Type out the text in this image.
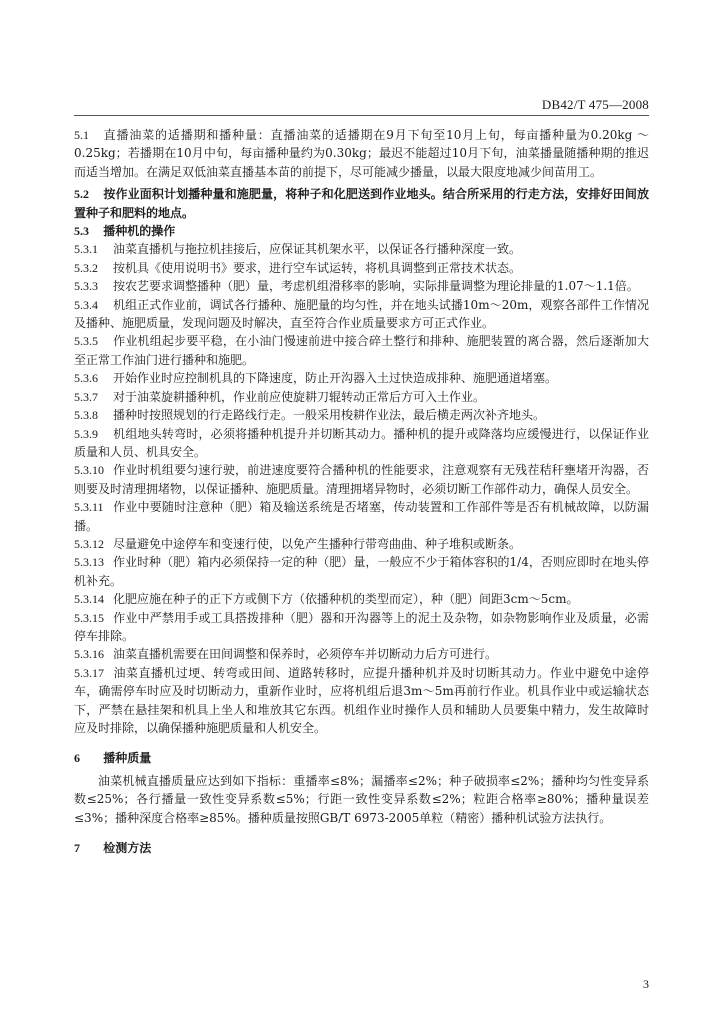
DB42/T 475—2008

5.1 直播油菜的适播期和播种量：直播油菜的适播期在9月下旬至10月上旬，每亩播种量为0.20kg ～0.25kg；若播期在10月中旬，每亩播种量约为0.30kg；最迟不能超过10月下旬，油菜播量随播种期的推迟而适当增加。在满足双低油菜直播基本苗的前提下，尽可能减少播量，以最大限度地减少间苗用工。

5.2 按作业面积计划播种量和施肥量，将种子和化肥送到作业地头。结合所采用的行走方法，安排好田间放置种子和肥料的地点。

5.3 播种机的操作

5.3.1 油菜直播机与拖拉机挂接后，应保证其机架水平，以保证各行播种深度一致。

5.3.2 按机具《使用说明书》要求，进行空车试运转，将机具调整到正常技术状态。

5.3.3 按农艺要求调整播种（肥）量，考虑机组滑移率的影响，实际排量调整为理论排量的1.07～1.1倍。

5.3.4 机组正式作业前，调试各行播种、施肥量的均匀性，并在地头试播10m～20m，观察各部件工作情况及播种、施肥质量，发现问题及时解决，直至符合作业质量要求方可正式作业。

5.3.5 作业机组起步要平稳，在小油门慢速前进中接合碎土整行和排种、施肥装置的离合器，然后逐渐加大至正常工作油门进行播种和施肥。

5.3.6 开始作业时应控制机具的下降速度，防止开沟器入土过快造成排种、施肥通道堵塞。

5.3.7 对于油菜旋耕播种机，作业前应使旋耕刀辊转动正常后方可入土作业。

5.3.8 播种时按照规划的行走路线行走。一般采用梭耕作业法，最后横走两次补齐地头。

5.3.9 机组地头转弯时，必须将播种机提升并切断其动力。播种机的提升或降落均应缓慢进行，以保证作业质量和人员、机具安全。

5.3.10 作业时机组要匀速行驶，前进速度要符合播种机的性能要求，注意观察有无残茬秸秆壅堵开沟器，否则要及时清理拥堵物，以保证播种、施肥质量。清理拥堵异物时，必须切断工作部件动力，确保人员安全。

5.3.11 作业中要随时注意种（肥）箱及输送系统是否堵塞，传动装置和工作部件等是否有机械故障，以防漏播。

5.3.12 尽量避免中途停车和变速行使，以免产生播种行带弯曲曲、种子堆积或断条。

5.3.13 作业时种（肥）箱内必须保持一定的种（肥）量，一般应不少于箱体容积的1/4，否则应即时在地头停机补充。

5.3.14 化肥应施在种子的正下方或侧下方（依播种机的类型而定），种（肥）间距3cm～5cm。

5.3.15 作业中严禁用手或工具搭拨排种（肥）器和开沟器等上的泥土及杂物，如杂物影响作业及质量，必需停车排除。

5.3.16 油菜直播机需要在田间调整和保养时，必须停车并切断动力后方可进行。

5.3.17 油菜直播机过埂、转弯或田间、道路转移时，应提升播种机并及时切断其动力。作业中避免中途停车，确需停车时应及时切断动力，重新作业时，应将机组后退3m～5m再前行作业。机具作业中或运输状态下，严禁在悬挂架和机具上坐人和堆放其它东西。机组作业时操作人员和辅助人员要集中精力，发生故障时应及时排除，以确保播种施肥质量和人机安全。

6 播种质量

油菜机械直播质量应达到如下指标：重播率≤8%；漏播率≤2%；种子破损率≤2%；播种均匀性变异系数≤25%；各行播量一致性变异系数≤5%；行距一致性变异系数≤2%；粒距合格率≥80%；播种量误差≤3%；播种深度合格率≥85%。播种质量按照GB/T 6973-2005单粒（精密）播种机试验方法执行。

7 检测方法

3
